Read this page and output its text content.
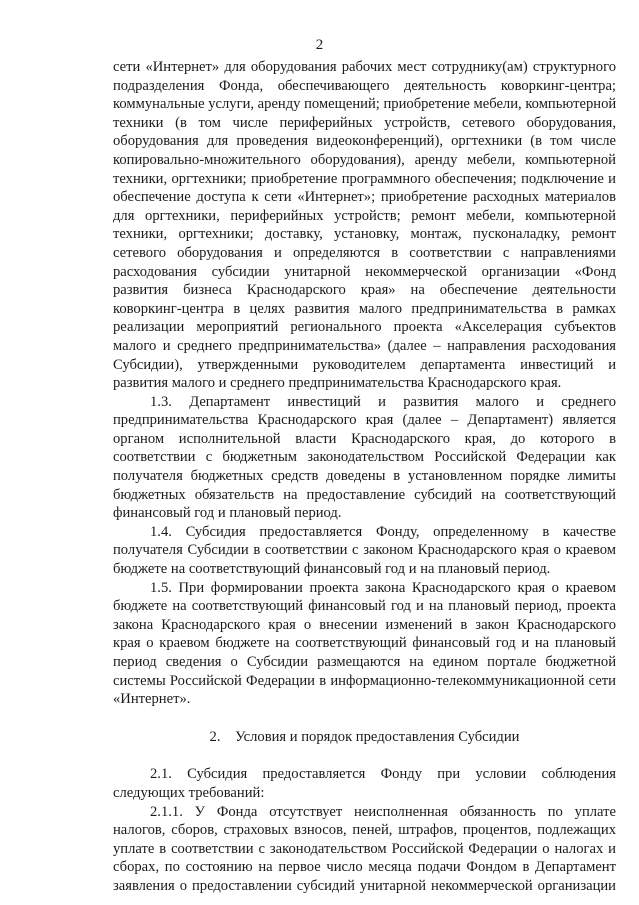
2
сети «Интернет» для оборудования рабочих мест сотруднику(ам) структурного
подразделения Фонда, обеспечивающего деятельность коворкинг-центра;
коммунальные услуги, аренду помещений; приобретение мебели, компьютерной
техники (в том числе периферийных устройств, сетевого оборудования,
оборудования для проведения видеоконференций), оргтехники (в том числе
копировально-множительного оборудования), аренду мебели, компьютерной
техники, оргтехники; приобретение программного обеспечения; подключение и
обеспечение доступа к сети «Интернет»; приобретение расходных материалов
для оргтехники, периферийных устройств; ремонт мебели, компьютерной
техники, оргтехники; доставку, установку, монтаж, пусконаладку, ремонт
сетевого оборудования и определяются в соответствии с направлениями
расходования субсидии унитарной некоммерческой организации «Фонд
развития бизнеса Краснодарского края» на обеспечение деятельности
коворкинг-центра в целях развития малого предпринимательства в рамках
реализации мероприятий регионального проекта «Акселерация субъектов
малого и среднего предпринимательства» (далее – направления расходования
Субсидии), утвержденными руководителем департамента инвестиций и
развития малого и среднего предпринимательства Краснодарского края.
1.3. Департамент инвестиций и развития малого и среднего
предпринимательства Краснодарского края (далее – Департамент) является
органом исполнительной власти Краснодарского края, до которого в
соответствии с бюджетным законодательством Российской Федерации как
получателя бюджетных средств доведены в установленном порядке лимиты
бюджетных обязательств на предоставление субсидий на соответствующий
финансовый год и плановый период.
1.4. Субсидия предоставляется Фонду, определенному в качестве
получателя Субсидии в соответствии с законом Краснодарского края о краевом
бюджете на соответствующий финансовый год и на плановый период.
1.5. При формировании проекта закона Краснодарского края о краевом
бюджете на соответствующий финансовый год и на плановый период, проекта
закона Краснодарского края о внесении изменений в закон Краснодарского
края о краевом бюджете на соответствующий финансовый год и на плановый
период сведения о Субсидии размещаются на едином портале бюджетной
системы Российской Федерации в информационно-телекоммуникационной сети
«Интернет».
2.    Условия и порядок предоставления Субсидии
2.1. Субсидия предоставляется Фонду при условии соблюдения
следующих требований:
2.1.1. У Фонда отсутствует неисполненная обязанность по уплате
налогов, сборов, страховых взносов, пеней, штрафов, процентов, подлежащих
уплате в соответствии с законодательством Российской Федерации о налогах и
сборах, по состоянию на первое число месяца подачи Фондом в Департамент
заявления о предоставлении субсидий унитарной некоммерческой организации
